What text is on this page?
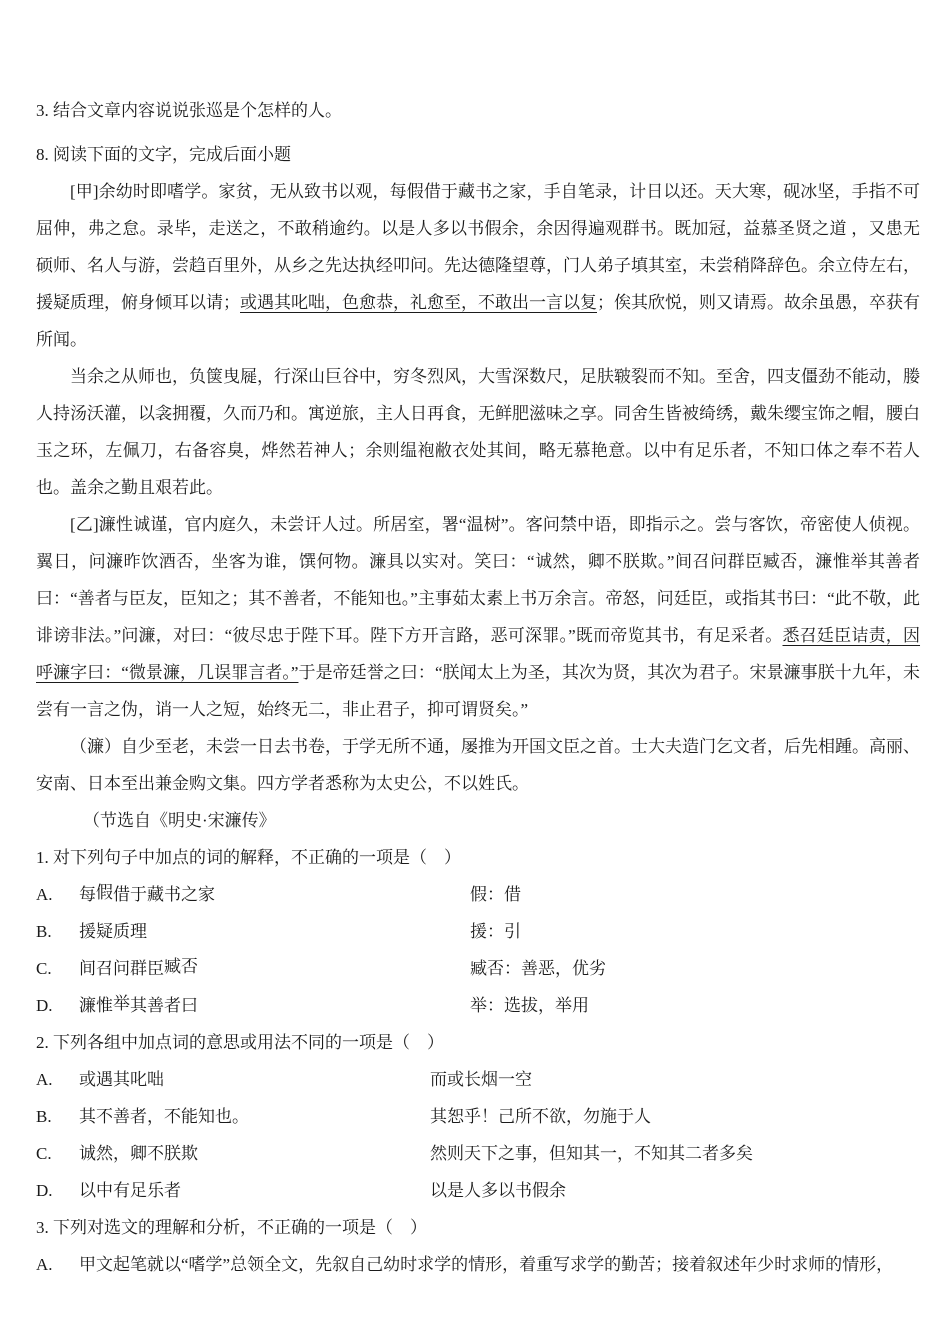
3. 结合文章内容说说张巡是个怎样的人。

8. 阅读下面的文字，完成后面小题

[甲]余幼时即嗜学。家贫，无从致书以观，每假借于藏书之家，手自笔录，计日以还。天大寒，砚冰坚，手指不可屈伸，弗之怠。录毕，走送之，不敢稍逾约。以是人多以书假余，余因得遍观群书。既加冠，益慕圣贤之道 ，又患无硕师、名人与游，尝趋百里外，从乡之先达执经叩问。先达德隆望尊，门人弟子填其室，未尝稍降辞色。余立侍左右，援疑质理，俯身倾耳以请；或遇其叱咄，色愈恭，礼愈至，不敢出一言以复；俟其欣悦，则又请焉。故余虽愚，卒获有所闻。

当余之从师也，负箧曳屣，行深山巨谷中，穷冬烈风，大雪深数尺，足肤皲裂而不知。至舍，四支僵劲不能动，媵人持汤沃灌，以衾拥覆，久而乃和。寓逆旅，主人日再食，无鲜肥滋味之享。同舍生皆被绮绣，戴朱缨宝饰之帽，腰白玉之环，左佩刀，右备容臭，烨然若神人；余则缊袍敝衣处其间，略无慕艳意。以中有足乐者，不知口体之奉不若人也。盖余之勤且艰若此。

[乙]濂性诚谨，官内庭久，未尝讦人过。所居室，署“温树”。客问禁中语，即指示之。尝与客饮，帝密使人侦视。翼日，问濂昨饮酒否，坐客为谁，馔何物。濂具以实对。笑曰：“诚然，卿不朕欺。”间召问群臣臧否，濂惟举其善者曰：“善者与臣友，臣知之；其不善者，不能知也。”主事茹太素上书万余言。帝怒，问廷臣，或指其书曰：“此不敬，此诽谤非法。”问濂，对曰：“彼尽忠于陛下耳。陛下方开言路，恶可深罪。”既而帝览其书，有足采者。悉召廷臣诘责，因呼濂字曰：“微景濂，几误罪言者。”于是帝廷誉之曰：“朕闻太上为圣，其次为贤，其次为君子。宋景濂事朕十九年，未尝有一言之伪，诮一人之短，始终无二，非止君子，抑可谓贤矣。”

（濂）自少至老，未尝一日去书卷，于学无所不通，屡推为开国文臣之首。士大夫造门乞文者，后先相踵。高丽、安南、日本至出兼金购文集。四方学者悉称为太史公，不以姓氏。

（节选自《明史·宋濂传》

1. 对下列句子中加点的词的解释，不正确的一项是（　）

A.	每假借于藏书之家	假：借
B.	援疑质理	援：引
C.	间召问群臣臧否	臧否：善恶，优劣
D.	濂惟举其善者曰	举：选拔，举用

2. 下列各组中加点词的意思或用法不同的一项是（　）

A.	或遇其叱咄	而或长烟一空
B.	其不善者，不能知也。	其恕乎！己所不欲，勿施于人
C.	诚然，卿不朕欺	然则天下之事，但知其一，不知其二者多矣
D.	以中有足乐者	以是人多以书假余

3. 下列对选文的理解和分析，不正确的一项是（　）

A.	甲文起笔就以“嗜学”总领全文，先叙自己幼时求学的情形，着重写求学的勤苦；接着叙述年少时求师的情形，
